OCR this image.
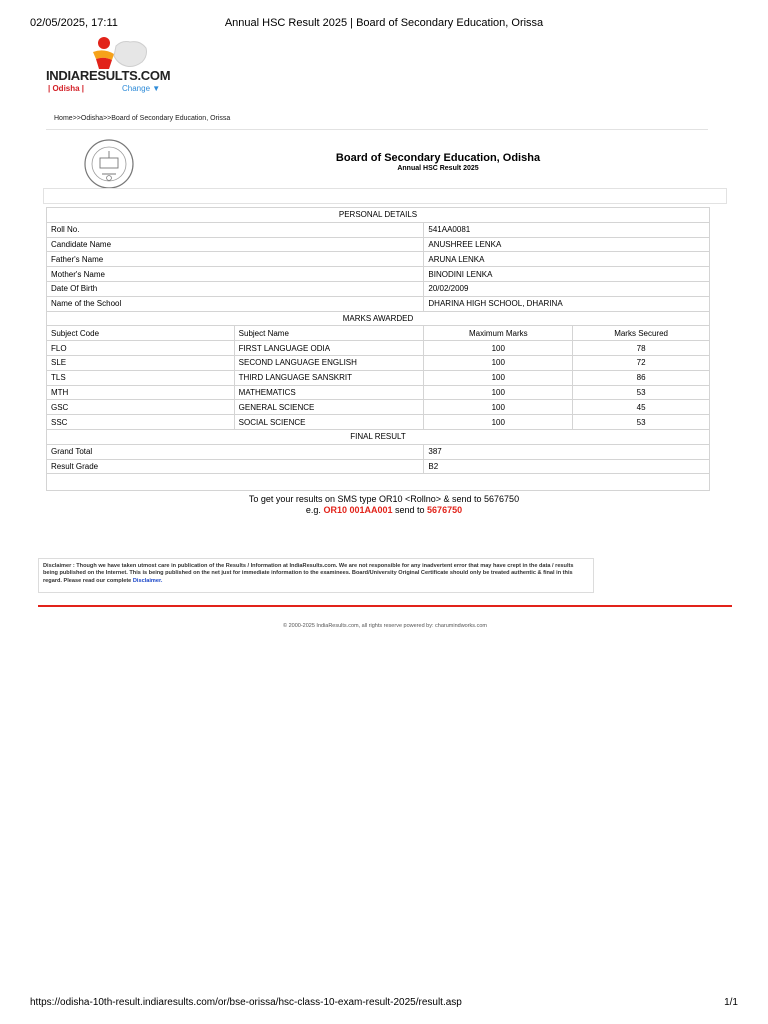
02/05/2025, 17:11	Annual HSC Result 2025 | Board of Secondary Education, Orissa
INDIARESULTS.COM
| Odisha |	Change ▼
Home>>Odisha>>Board of Secondary Education, Orissa
Board of Secondary Education, Odisha
Annual HSC Result 2025
PERSONAL DETAILS			
Roll No.		541AA0081	
Candidate Name		ANUSHREE LENKA	
Father's Name		ARUNA LENKA	
Mother's Name		BINODINI LENKA	
Date Of Birth		20/02/2009	
Name of the School		DHARINA HIGH SCHOOL, DHARINA	
MARKS AWARDED			
Subject Code	Subject Name	Maximum Marks	Marks Secured
FLO	FIRST LANGUAGE ODIA	100	78
SLE	SECOND LANGUAGE ENGLISH	100	72
TLS	THIRD LANGUAGE SANSKRIT	100	86
MTH	MATHEMATICS	100	53
GSC	GENERAL SCIENCE	100	45
SSC	SOCIAL SCIENCE	100	53
FINAL RESULT			
Grand Total		387	
Result Grade		B2	

To get your results on SMS type OR10 <Rollno> & send to 5676750
e.g. OR10 001AA001 send to 5676750
Disclaimer : Though we have taken utmost care in publication of the Results / Information at IndiaResults.com. We are not responsible for any inadvertent error that may have crept in the data / results being published on the Internet. This is being published on the net just for immediate information to the examinees. Board/University Original Certificate should only be treated authentic & final in this regard. Please read our complete Disclaimer.
© 2000-2025 IndiaResults.com, all rights reserve powered by: charumindworks.com
https://odisha-10th-result.indiaresults.com/or/bse-orissa/hsc-class-10-exam-result-2025/result.asp	1/1
